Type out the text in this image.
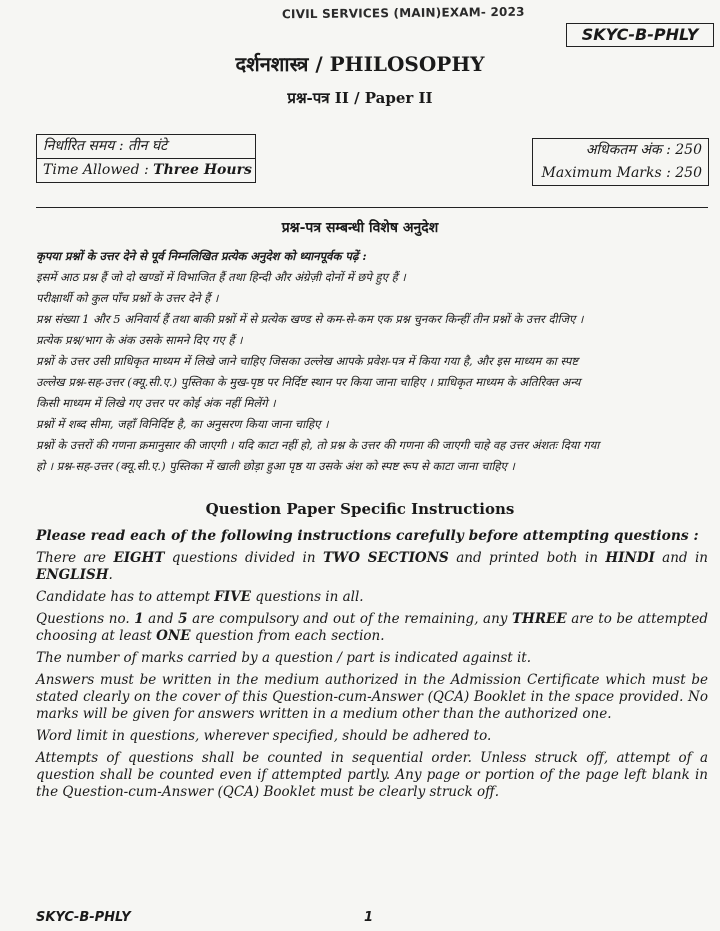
CIVIL SERVICES (MAIN)EXAM- 2023
SKYC-B-PHLY
दर्शनशास्त्र / PHILOSOPHY
प्रश्न-पत्र II / Paper II
निर्धारित समय : तीन घंटे
Time Allowed : Three Hours
अधिकतम अंक : 250
Maximum Marks : 250
प्रश्न-पत्र सम्बन्धी विशेष अनुदेश

कृपया प्रश्नों के उत्तर देने से पूर्व निम्नलिखित प्रत्येक अनुदेश को ध्यानपूर्वक पढ़ें :

इसमें आठ प्रश्न हैं जो दो खण्डों में विभाजित हैं तथा हिन्दी और अंग्रेज़ी दोनों में छपे हुए हैं ।

परीक्षार्थी को कुल पाँच प्रश्नों के उत्तर देने हैं ।

प्रश्न संख्या 1 और 5 अनिवार्य हैं तथा बाकी प्रश्नों में से प्रत्येक खण्ड से कम-से-कम एक प्रश्न चुनकर किन्हीं तीन प्रश्नों के उत्तर दीजिए ।

प्रत्येक प्रश्न/भाग के अंक उसके सामने दिए गए हैं ।

प्रश्नों के उत्तर उसी प्राधिकृत माध्यम में लिखे जाने चाहिए जिसका उल्लेख आपके प्रवेश-पत्र में किया गया है, और इस माध्यम का स्पष्ट

उल्लेख प्रश्न-सह-उत्तर (क्यू.सी.ए.) पुस्तिका के मुख-पृष्ठ पर निर्दिष्ट स्थान पर किया जाना चाहिए । प्राधिकृत माध्यम के अतिरिक्त अन्य

किसी माध्यम में लिखे गए उत्तर पर कोई अंक नहीं मिलेंगे ।

प्रश्नों में शब्द सीमा, जहाँ विनिर्दिष्ट है, का अनुसरण किया जाना चाहिए ।

प्रश्नों के उत्तरों की गणना क्रमानुसार की जाएगी । यदि काटा नहीं हो, तो प्रश्न के उत्तर की गणना की जाएगी चाहे वह उत्तर अंशतः दिया गया

हो । प्रश्न-सह-उत्तर (क्यू.सी.ए.) पुस्तिका में खाली छोड़ा हुआ पृष्ठ या उसके अंश को स्पष्ट रूप से काटा जाना चाहिए ।

Question Paper Specific Instructions

Please read each of the following instructions carefully before attempting questions :

There are EIGHT questions divided in TWO SECTIONS and printed both in HINDI and in ENGLISH.

Candidate has to attempt FIVE questions in all.

Questions no. 1 and 5 are compulsory and out of the remaining, any THREE are to be attempted choosing at least ONE question from each section.

The number of marks carried by a question / part is indicated against it.

Answers must be written in the medium authorized in the Admission Certificate which must be stated clearly on the cover of this Question-cum-Answer (QCA) Booklet in the space provided. No marks will be given for answers written in a medium other than the authorized one.

Word limit in questions, wherever specified, should be adhered to.

Attempts of questions shall be counted in sequential order. Unless struck off, attempt of a question shall be counted even if attempted partly. Any page or portion of the page left blank in the Question-cum-Answer (QCA) Booklet must be clearly struck off.

SKYC-B-PHLY	1
